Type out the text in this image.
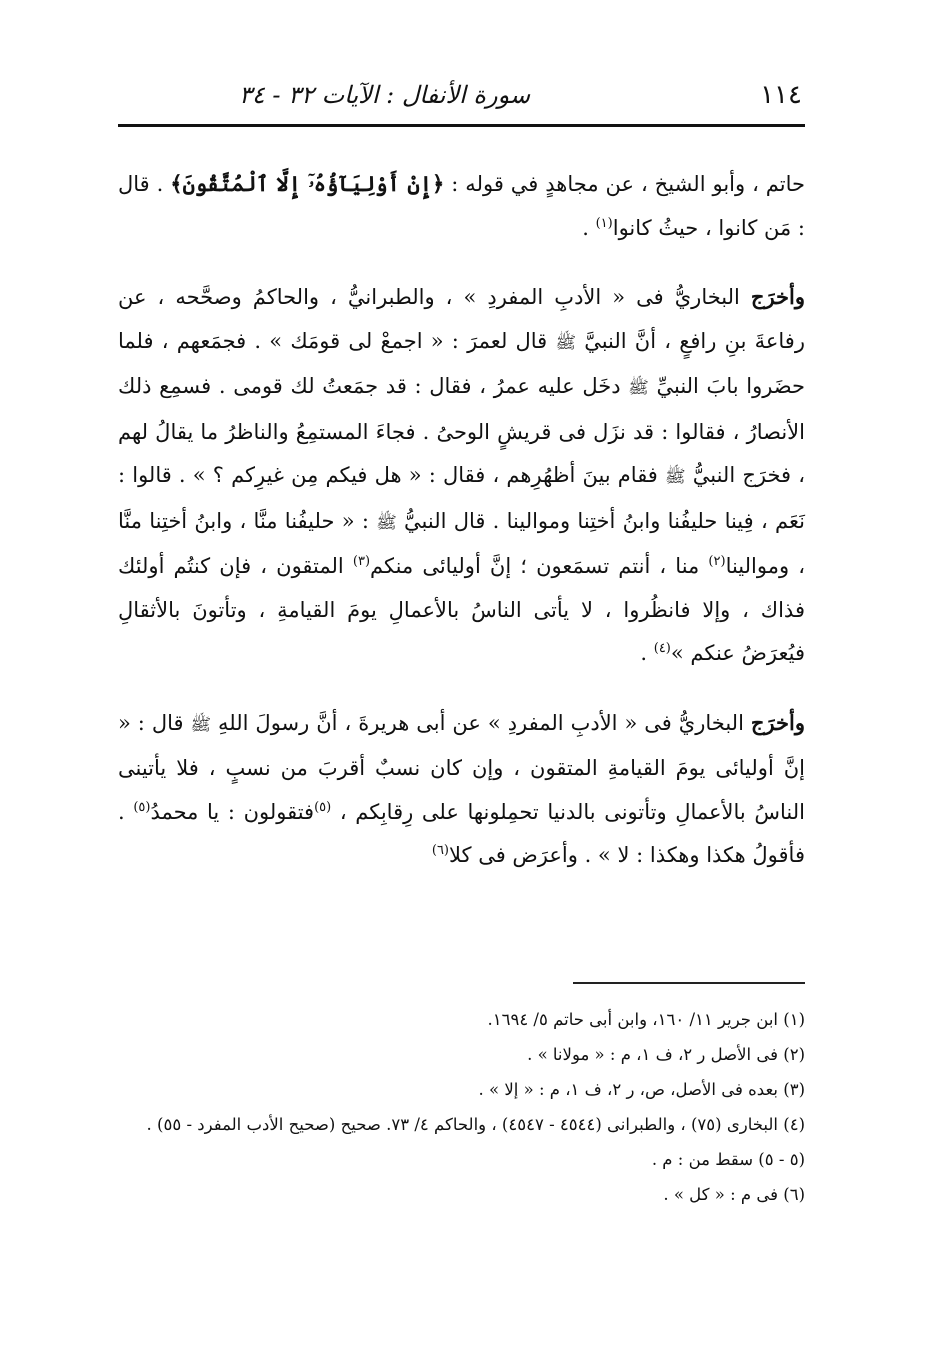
١١٤
سورة الأنفال : الآيات ٣٢ - ٣٤

حاتم ، وأبو الشيخ ، عن مجاهدٍ في قوله : ﴿إِنْ أَوْلِيَآؤُهُۥٓ إِلَّا ٱلْمُتَّقُونَ﴾ . قال : مَن كانوا ، حيثُ كانوا$^{(١)}$ .

وأخرَج البخاريُّ فى « الأدبِ المفردِ » ، والطبرانيُّ ، والحاكمُ وصحَّحه ، عن رفاعةَ بنِ رافعٍ ، أنَّ النبيَّ ﷺ قال لعمرَ : « اجمعْ لى قومَك » . فجمَعهم ، فلما حضَروا بابَ النبيِّ ﷺ دخَل عليه عمرُ ، فقال : قد جمَعتُ لك قومى . فسمِع ذلك الأنصارُ ، فقالوا : قد نزَل فى قريشٍ الوحىُ . فجاءَ المستمِعُ والناظرُ ما يقالُ لهم ، فخرَج النبيُّ ﷺ فقام بينَ أظهُرِهم ، فقال : « هل فيكم مِن غيرِكم ؟ » . قالوا : نَعَم ، فِينا حليفُنا وابنُ أختِنا وموالينا . قال النبيُّ ﷺ : « حليفُنا منَّا ، وابنُ أختِنا منَّا ، وموالينا$^{(٢)}$ منا ، أنتم تسمَعون ؛ إنَّ أوليائى منكم$^{(٣)}$ المتقون ، فإن كنتُم أولئك فذاك ، وإلا فانظُروا ، لا يأتى الناسُ بالأعمالِ يومَ القيامةِ ، وتأتونَ بالأثقالِ فيُعرَضُ عنكم »$^{(٤)}$ .

وأخرَج البخاريُّ فى « الأدبِ المفردِ » عن أبى هريرةَ ، أنَّ رسولَ اللهِ ﷺ قال : « إنَّ أوليائى يومَ القيامةِ المتقون ، وإن كان نسبٌ أقربَ من نسبٍ ، فلا يأتينى الناسُ بالأعمالِ وتأتونى بالدنيا تحمِلونها على رِقابِكم ، $^{(٥)}$فتقولون : يا محمدُ$^{(٥)}$ . فأقولُ هكذا وهكذا : لا » . وأعرَض فى كلا$^{(٦)}$

(١) ابن جرير ١١/ ١٦٠، وابن أبى حاتم ٥/ ١٦٩٤.

(٢) فى الأصل ر ٢، ف ١، م : « مولانا » .

(٣) بعده فى الأصل، ص، ر ٢، ف ١، م : « إلا » .

(٤) البخارى (٧٥) ، والطبرانى (٤٥٤٤ - ٤٥٤٧) ، والحاكم ٤/ ٧٣. صحيح (صحيح الأدب المفرد - ٥٥) .

(٥ - ٥) سقط من : م .

(٦) فى م : « كل » .
